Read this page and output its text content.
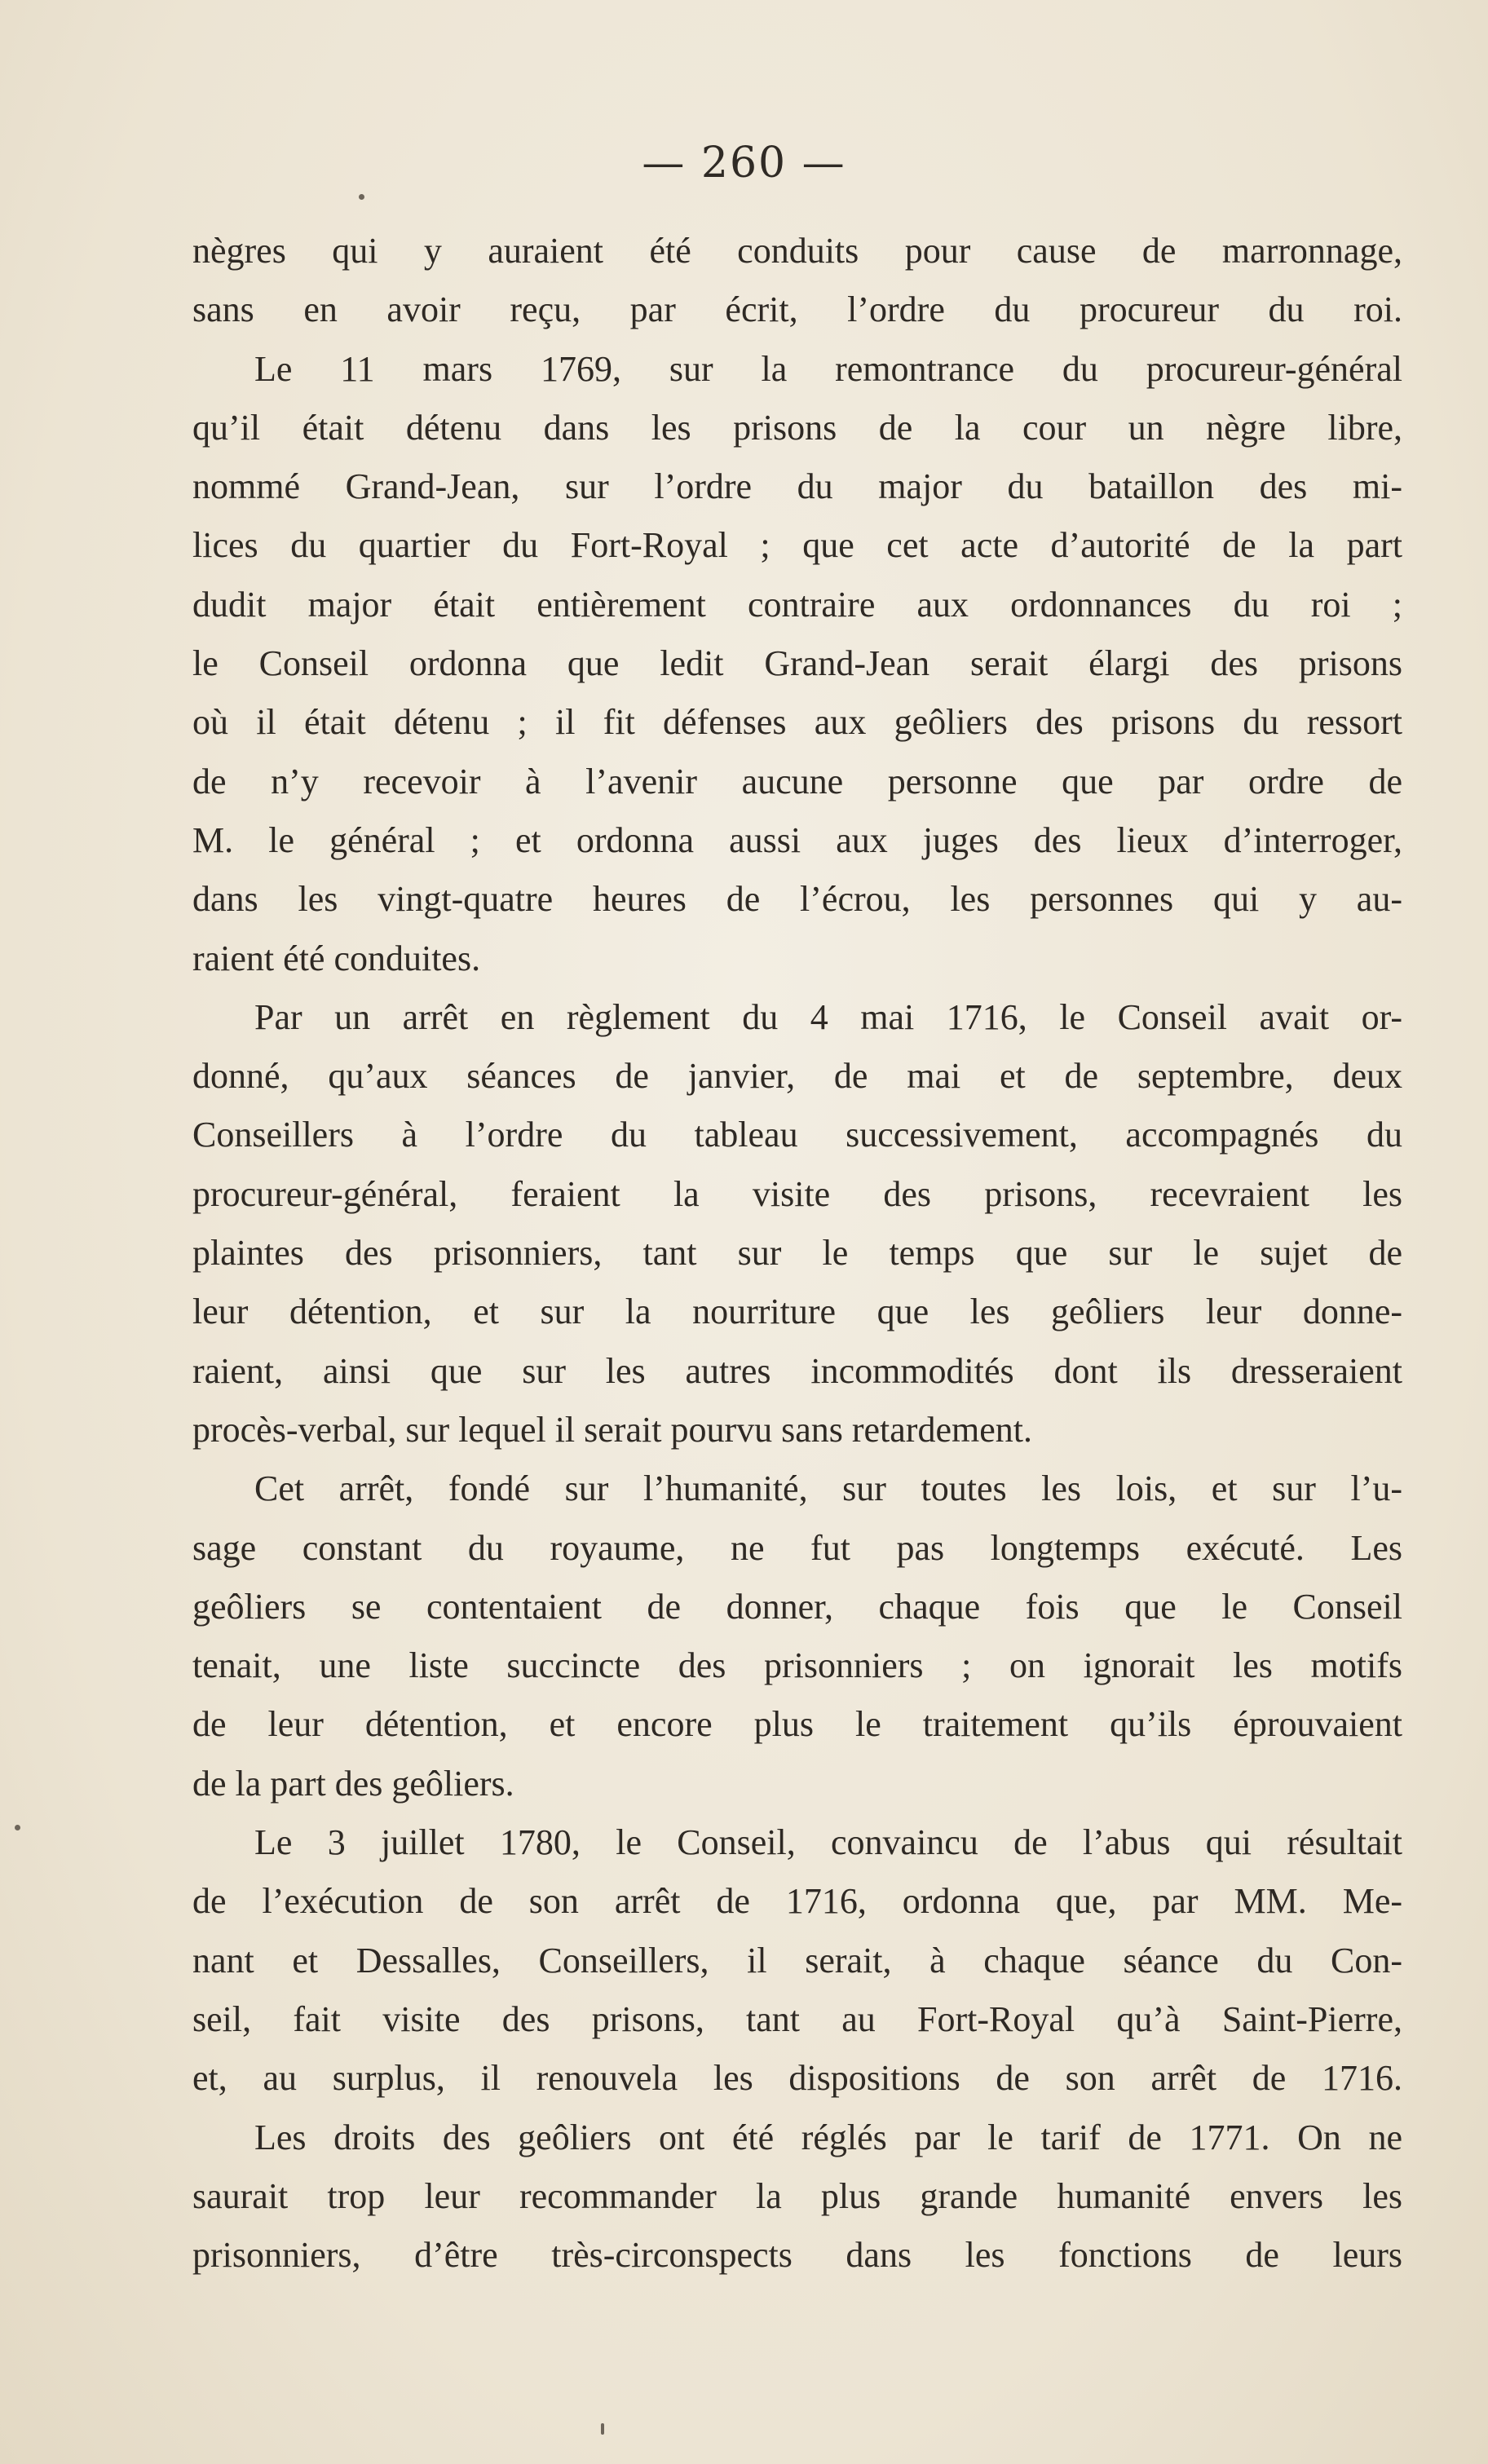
— 260 —
nègres qui y auraient été conduits pour cause de marronnage,
sans en avoir reçu, par écrit, l’ordre du procureur du roi.
Le 11 mars 1769, sur la remontrance du procureur-général
qu’il était détenu dans les prisons de la cour un nègre libre,
nommé Grand-Jean, sur l’ordre du major du bataillon des mi-
lices du quartier du Fort-Royal ; que cet acte d’autorité de la part
dudit major était entièrement contraire aux ordonnances du roi ;
le Conseil ordonna que ledit Grand-Jean serait élargi des prisons
où il était détenu ; il fit défenses aux geôliers des prisons du ressort
de n’y recevoir à l’avenir aucune personne que par ordre de
M. le général ; et ordonna aussi aux juges des lieux d’interroger,
dans les vingt-quatre heures de l’écrou, les personnes qui y au-
raient été conduites.
Par un arrêt en règlement du 4 mai 1716, le Conseil avait or-
donné, qu’aux séances de janvier, de mai et de septembre, deux
Conseillers à l’ordre du tableau successivement, accompagnés du
procureur-général, feraient la visite des prisons, recevraient les
plaintes des prisonniers, tant sur le temps que sur le sujet de
leur détention, et sur la nourriture que les geôliers leur donne-
raient, ainsi que sur les autres incommodités dont ils dresseraient
procès-verbal, sur lequel il serait pourvu sans retardement.
Cet arrêt, fondé sur l’humanité, sur toutes les lois, et sur l’u-
sage constant du royaume, ne fut pas longtemps exécuté. Les
geôliers se contentaient de donner, chaque fois que le Conseil
tenait, une liste succincte des prisonniers ; on ignorait les motifs
de leur détention, et encore plus le traitement qu’ils éprouvaient
de la part des geôliers.
Le 3 juillet 1780, le Conseil, convaincu de l’abus qui résultait
de l’exécution de son arrêt de 1716, ordonna que, par MM. Me-
nant et Dessalles, Conseillers, il serait, à chaque séance du Con-
seil, fait visite des prisons, tant au Fort-Royal qu’à Saint-Pierre,
et, au surplus, il renouvela les dispositions de son arrêt de 1716.
Les droits des geôliers ont été réglés par le tarif de 1771. On ne
saurait trop leur recommander la plus grande humanité envers les
prisonniers, d’être très-circonspects dans les fonctions de leurs
